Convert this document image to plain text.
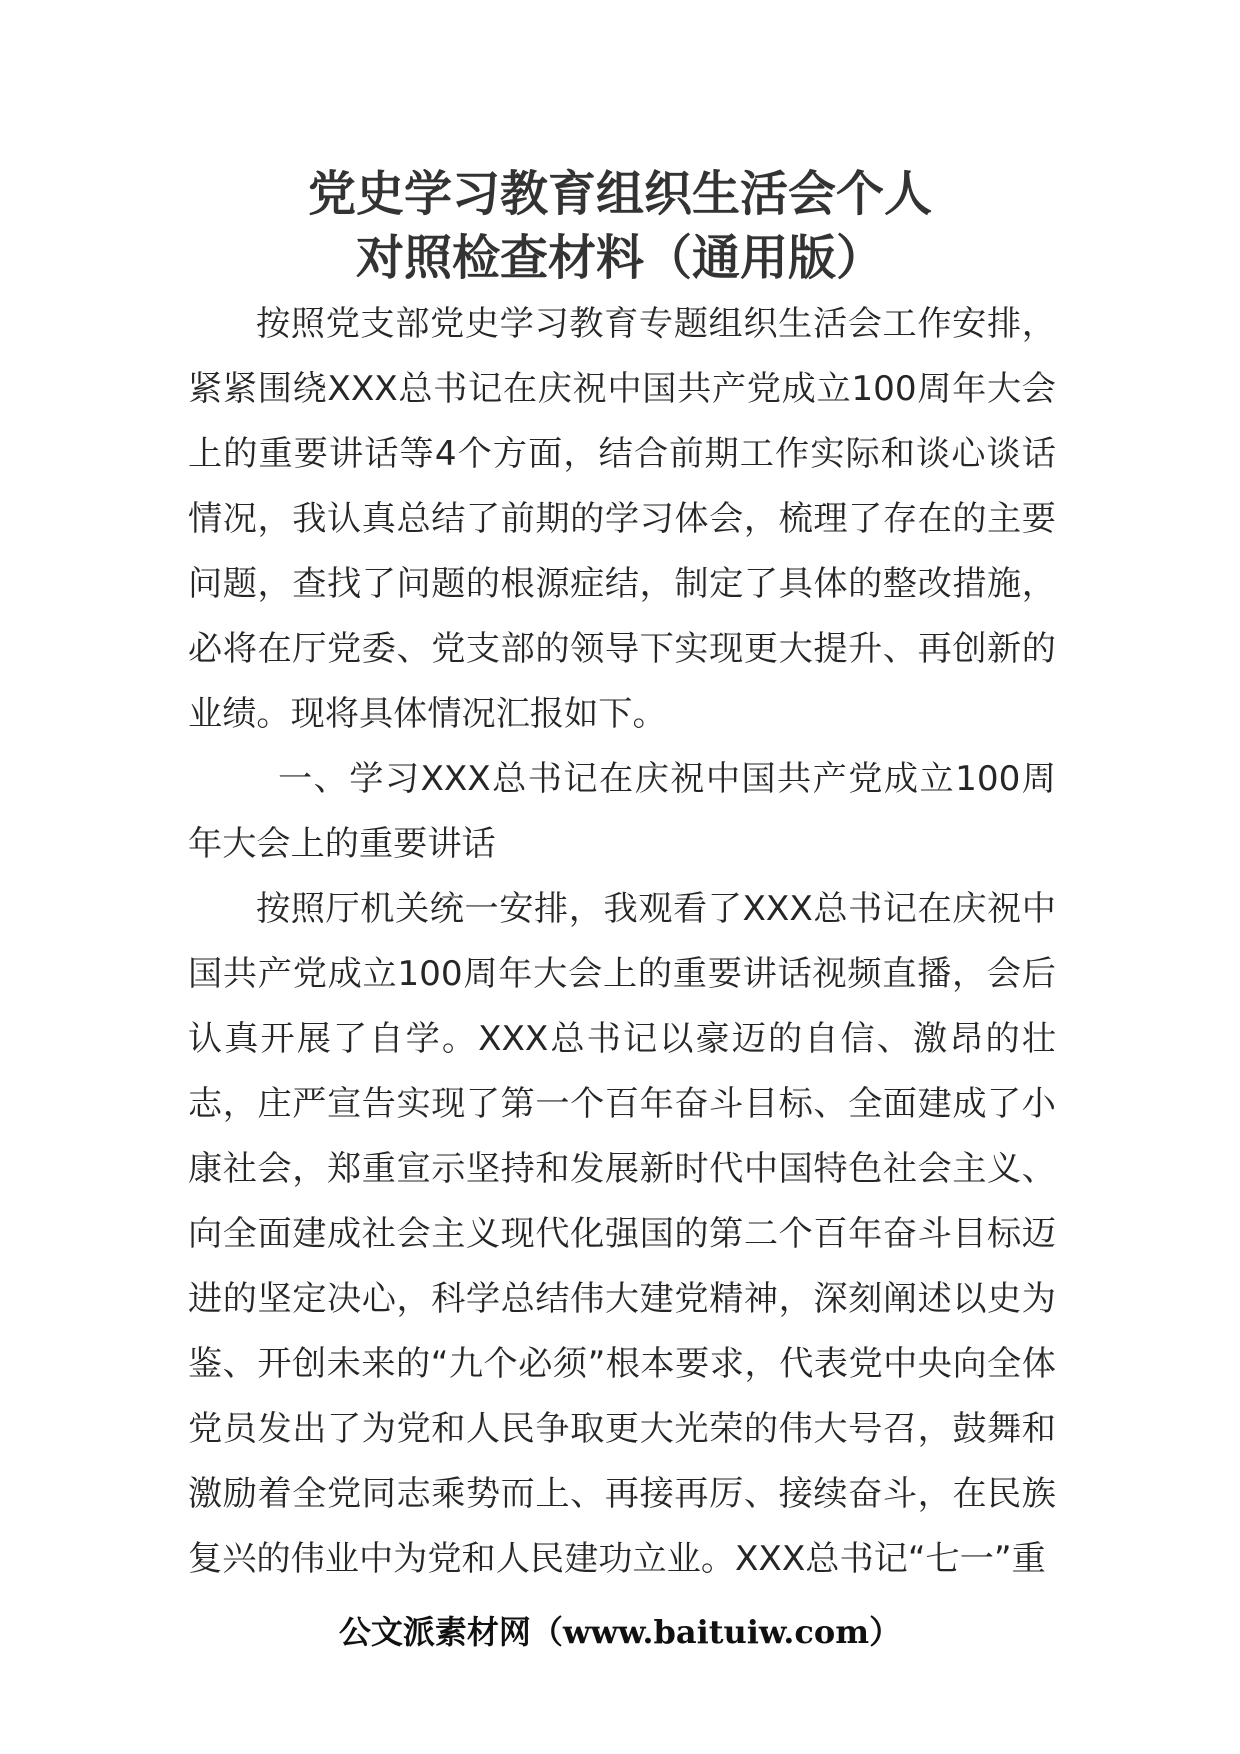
党史学习教育组织生活会个人
对照检查材料（通用版）

按照党支部党史学习教育专题组织生活会工作安排，紧紧围绕XXX总书记在庆祝中国共产党成立100周年大会上的重要讲话等4个方面，结合前期工作实际和谈心谈话情况，我认真总结了前期的学习体会，梳理了存在的主要问题，查找了问题的根源症结，制定了具体的整改措施，必将在厅党委、党支部的领导下实现更大提升、再创新的业绩。现将具体情况汇报如下。

一、学习XXX总书记在庆祝中国共产党成立100周年大会上的重要讲话

按照厅机关统一安排，我观看了XXX总书记在庆祝中国共产党成立100周年大会上的重要讲话视频直播，会后认真开展了自学。XXX总书记以豪迈的自信、激昂的壮志，庄严宣告实现了第一个百年奋斗目标、全面建成了小康社会，郑重宣示坚持和发展新时代中国特色社会主义、向全面建成社会主义现代化强国的第二个百年奋斗目标迈进的坚定决心，科学总结伟大建党精神，深刻阐述以史为鉴、开创未来的“九个必须”根本要求，代表党中央向全体党员发出了为党和人民争取更大光荣的伟大号召，鼓舞和激励着全党同志乘势而上、再接再厉、接续奋斗，在民族复兴的伟业中为党和人民建功立业。XXX总书记“七一”重

公文派素材网（www.baituiw.com）
